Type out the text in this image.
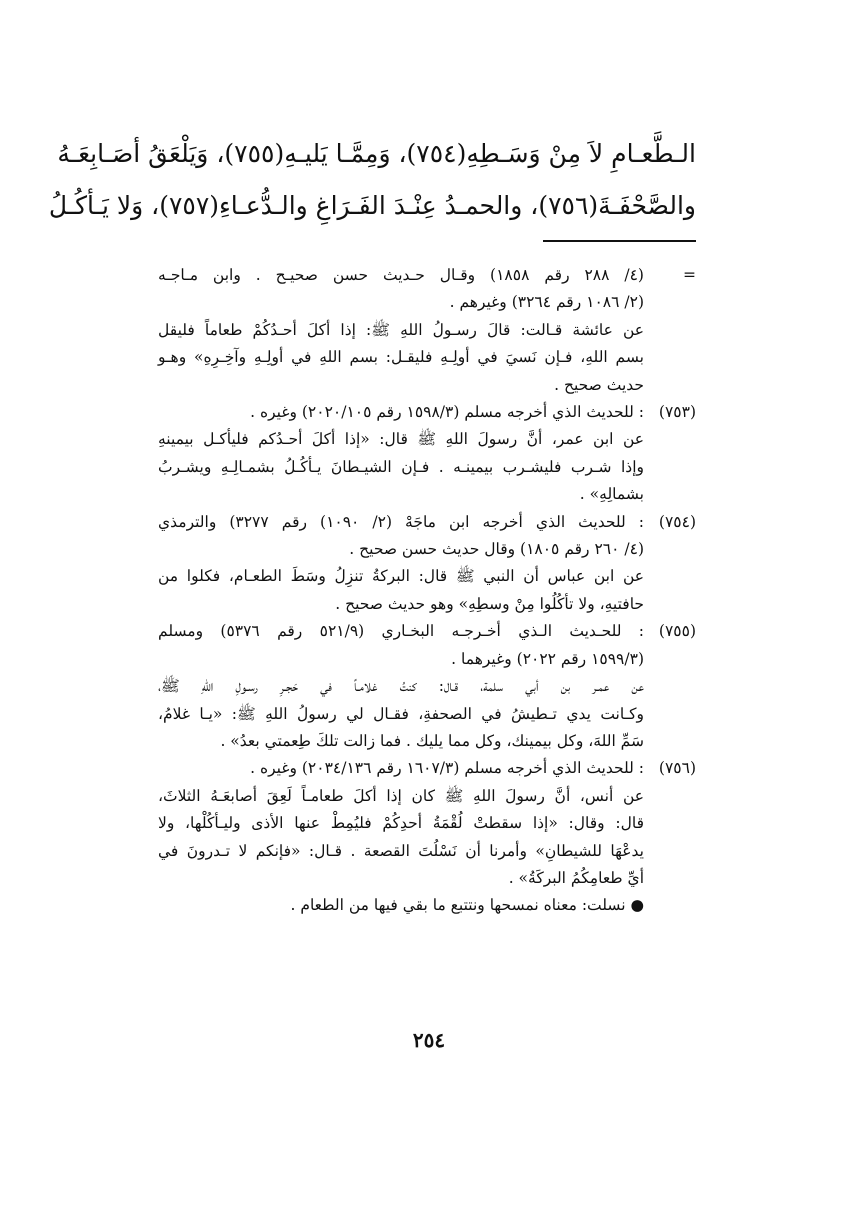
الـطَّعـامِ لاَ مِنْ وَسَـطِهِ(٧٥٤)، وَمِمَّـا يَليـهِ(٧٥٥)، وَيَلْعَقُ أصَـابِعَـهُ
والصَّحْفَـةَ(٧٥٦)، والحمـدُ عِنْـدَ الفَـرَاغِ والـدُّعـاءِ(٧٥٧)، وَلا يَـأكُـلُ
=
(٤/ ٢٨٨ رقم ١٨٥٨) وقـال حـديث حسن صحيـح . وابن مـاجـه
(٢/ ١٠٨٦ رقم ٣٢٦٤) وغيرهم .
عن عائشة قـالت: قالَ رسـولُ اللهِ ﷺ: إذا أكلَ أحـدُكُمْ طعاماً فليقل
بسم اللهِ، فـإن نَسيَ في أولِـهِ فليقـل: بسم اللهِ في أولِـهِ وآخِـرِهِ» وهـو
حديث صحيح .
(٧٥٣)
: للحديث الذي أخرجه مسلم (١٥٩٨/٣ رقم ٢٠٢٠/١٠٥) وغيره .
عن ابن عمر، أنَّ رسولَ اللهِ ﷺ قال: «إذا أكلَ أحـدُكم فليأكـل بيمينهِ
وإذا شـرب فليشـرب بيمينـه . فـإن الشيـطانَ يـأكُـلُ بشمـالِـهِ ويشـربُ
بشمالِهِ» .
(٧٥٤)
: للحديث الذي أخرجه ابن ماجَهْ (٢/ ١٠٩٠) رقم ٣٢٧٧) والترمذي
(٤/ ٢٦٠ رقم ١٨٠٥) وقال حديث حسن صحيح .
عن ابن عباس أن النبي ﷺ قال: البركةُ تنزِلُ وسَطَ الطعـام، فكلوا من
حافتيهِ، ولا تأكُلُوا مِنْ وسطِهِ» وهو حديث صحيح .
(٧٥٥)
: للحـديث الـذي أخـرجـه البخـاري (٥٢١/٩ رقم ٥٣٧٦) ومسلم
(١٥٩٩/٣ رقم ٢٠٢٢) وغيرهما .
عن عمـر بن أبي سلمة، قـال: كنتُ غلامـاً في حَجـرِ رسـولِ اللهِ ﷺ،
وكـانت يدي تـطيشُ في الصحفةِ، فقـال لي رسولُ اللهِ ﷺ: «يـا غلامُ،
سَمِّ اللهَ، وكل بيمينك، وكل مما يليك . فما زالت تلكَ طِعمتي بعدُ» .
(٧٥٦)
: للحديث الذي أخرجه مسلم (١٦٠٧/٣ رقم ٢٠٣٤/١٣٦) وغيره .
عن أنس، أنَّ رسولَ اللهِ ﷺ كان إذا أكلَ طعامـاً لَعِقَ أصابعَـهُ الثلاثَ،
قال: وقال: «إذا سقطتْ لُقْمَةُ أحدِكُمْ فليُمِطْ عنها الأذى وليـأكُلْها، ولا
يدعْهَا للشيطانِ» وأمرنا أن نَسْلُتَ القصعة . قـال: «فإنكم لا تـدرونَ في
أيِّ طعامِكُمُ البركَةُ» .
● نسلت: معناه نمسحها ونتتبع ما بقي فيها من الطعام .
٢٥٤
